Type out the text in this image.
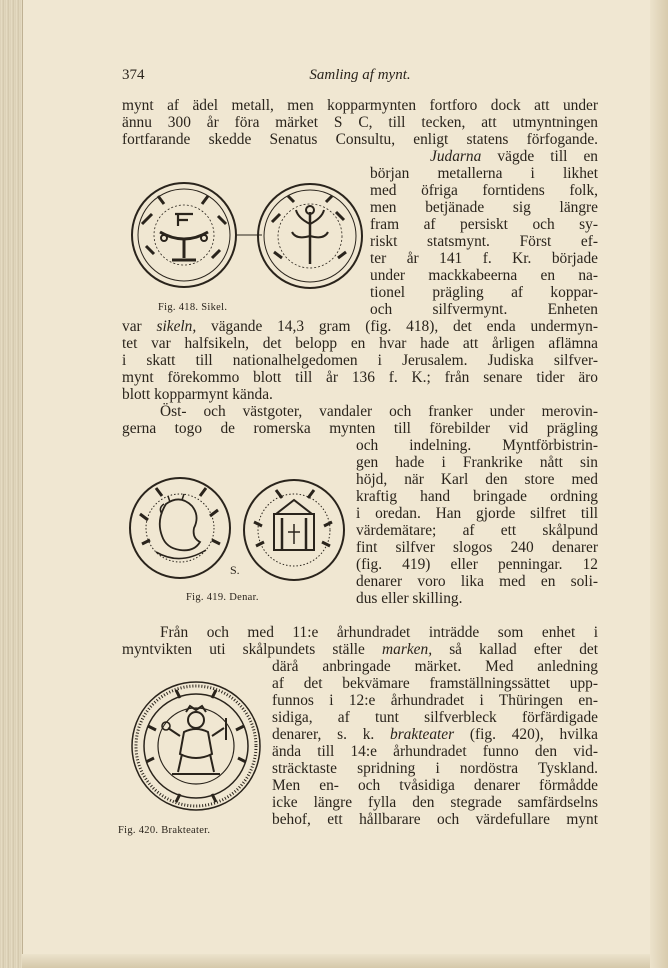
374	Samling af mynt.
mynt af ädel metall, men kopparmynten fortforo dock att under
ännu 300 år föra märket S C, till tecken, att utmyntningen
fortfarande skedde Senatus Consultu, enligt statens förfogande.
Fig. 418. Sikel.
Judarna vägde till en
början metallerna i likhet
med öfriga forntidens folk,
men betjänade sig längre
fram af persiskt och sy-
riskt statsmynt. Först ef-
ter år 141 f. Kr. började
under mackkabeerna en na-
tionel prägling af koppar-
och silfvermynt. Enheten
var sikeln, vägande 14,3 gram (fig. 418), det enda undermyn-
tet var halfsikeln, det belopp en hvar hade att årligen aflämna
i skatt till nationalhelgedomen i Jerusalem. Judiska silfver-
mynt förekommo blott till år 136 f. K.; från senare tider äro
blott kopparmynt kända.
Öst- och västgoter, vandaler och franker under merovin-
gerna togo de romerska mynten till förebilder vid prägling
och indelning. Myntförbistrin-
gen hade i Frankrike nått sin
höjd, när Karl den store med
kraftig hand bringade ordning
i oredan. Han gjorde silfret till
värdemätare; af ett skålpund
fint silfver slogos 240 denarer
(fig. 419) eller penningar. 12
denarer voro lika med en soli-
dus eller skilling.
S.
Fig. 419. Denar.
Från och med 11:e århundradet inträdde som enhet i
myntvikten uti skålpundets ställe marken, så kallad efter det
därå anbringade märket. Med anledning
af det bekvämare framställningssättet upp-
funnos i 12:e århundradet i Thüringen en-
sidiga, af tunt silfverbleck förfärdigade
denarer, s. k. brakteater (fig. 420), hvilka
ända till 14:e århundradet funno den vid-
sträcktaste spridning i nordöstra Tyskland.
Men en- och tvåsidiga denarer förmådde
icke längre fylla den stegrade samfärdselns
behof, ett hållbarare och värdefullare mynt
Fig. 420. Brakteater.
